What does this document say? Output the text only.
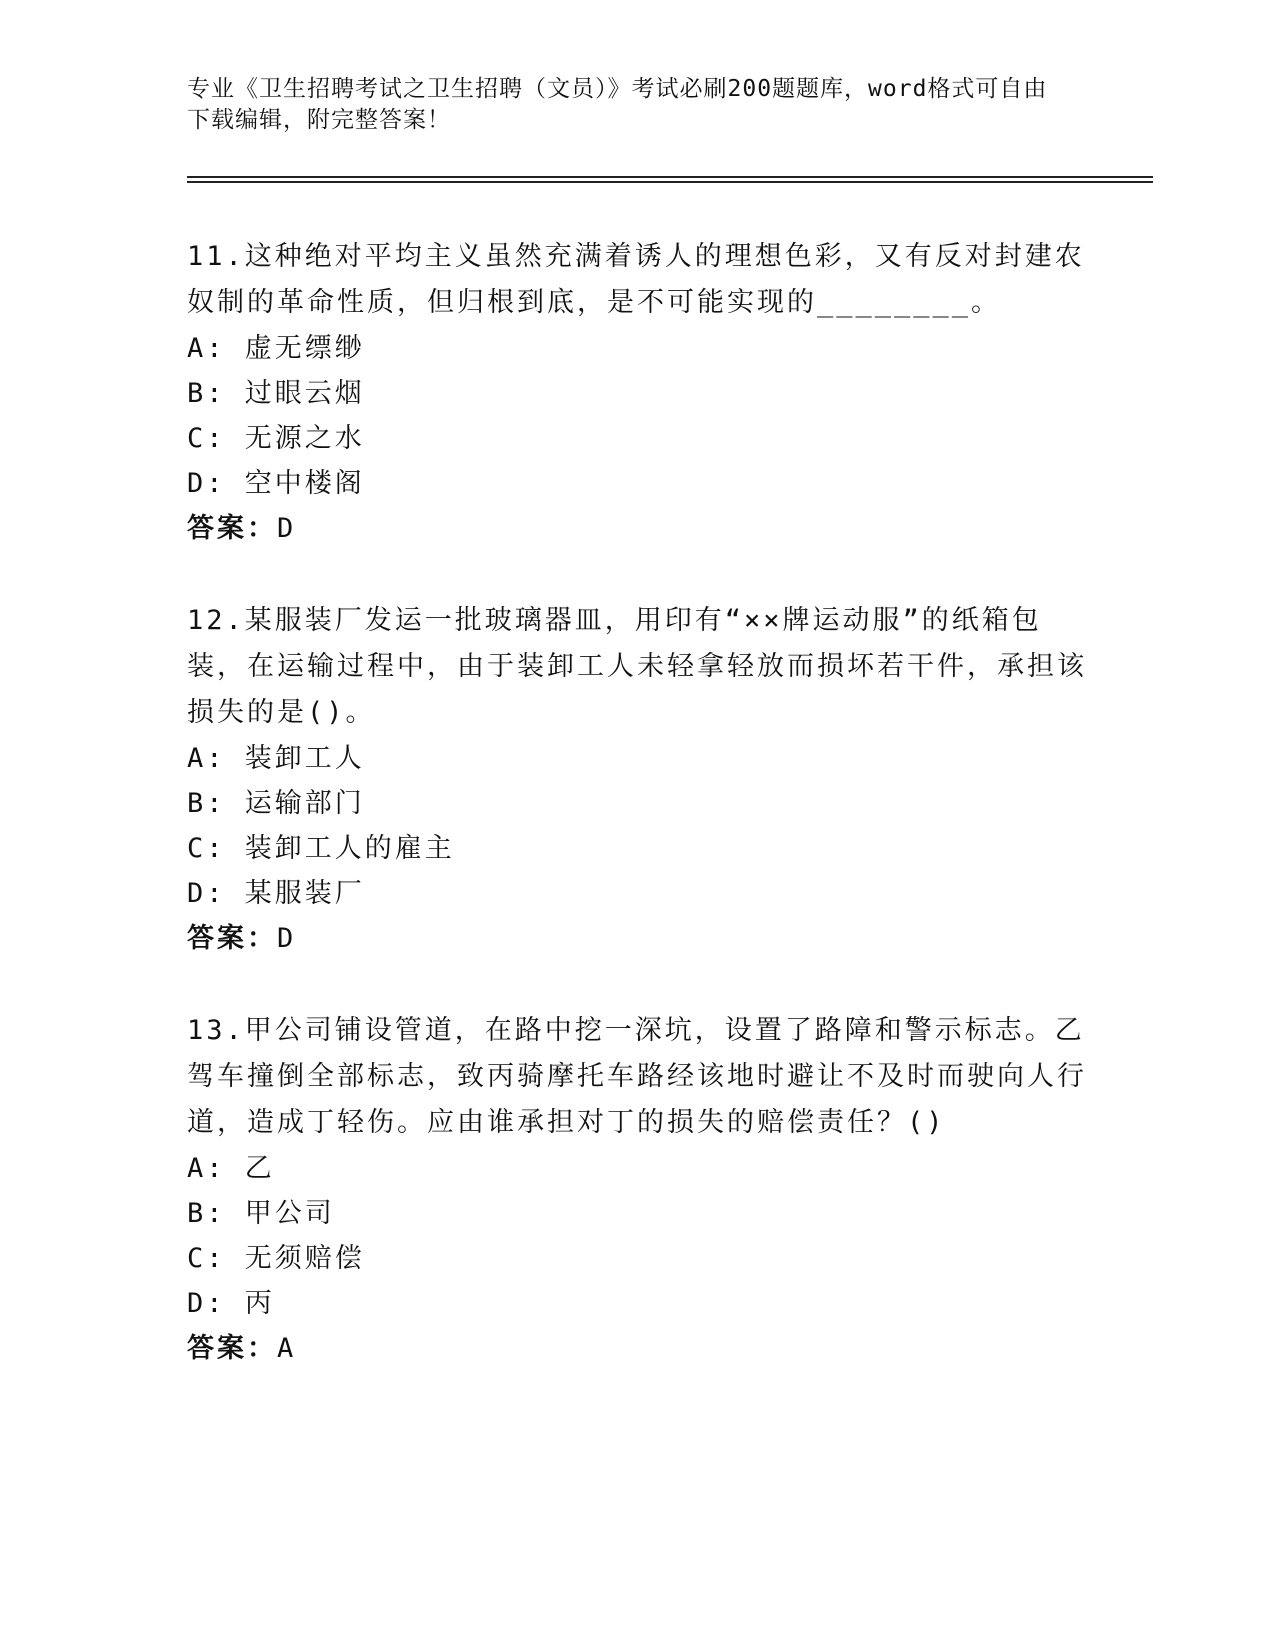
专业《卫生招聘考试之卫生招聘（文员）》考试必刷200题题库，word格式可自由下载编辑，附完整答案！
11.这种绝对平均主义虽然充满着诱人的理想色彩，又有反对封建农奴制的革命性质，但归根到底，是不可能实现的________。
A: 虚无缥缈
B: 过眼云烟
C: 无源之水
D: 空中楼阁
答案：D
12.某服装厂发运一批玻璃器皿，用印有“××牌运动服”的纸箱包装，在运输过程中，由于装卸工人未轻拿轻放而损坏若干件，承担该损失的是()。
A: 装卸工人
B: 运输部门
C: 装卸工人的雇主
D: 某服装厂
答案：D
13.甲公司铺设管道，在路中挖一深坑，设置了路障和警示标志。乙驾车撞倒全部标志，致丙骑摩托车路经该地时避让不及时而驶向人行道，造成丁轻伤。应由谁承担对丁的损失的赔偿责任？()
A: 乙
B: 甲公司
C: 无须赔偿
D: 丙
答案：A
